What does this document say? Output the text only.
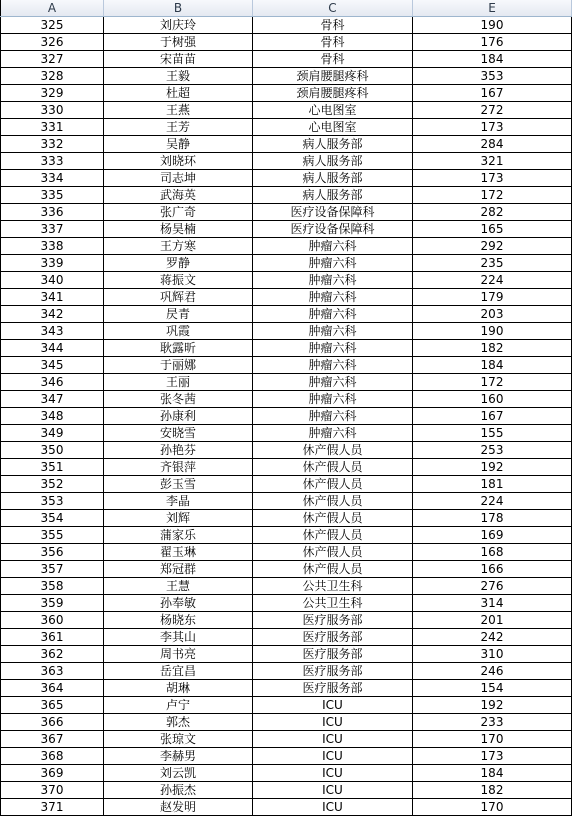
A	B	C	E
325	刘庆玲	骨科	190
326	于树强	骨科	176
327	宋苗苗	骨科	184
328	王毅	颈肩腰腿疼科	353
329	杜超	颈肩腰腿疼科	167
330	王燕	心电图室	272
331	王芳	心电图室	173
332	吴静	病人服务部	284
333	刘晓环	病人服务部	321
334	司志坤	病人服务部	173
335	武海英	病人服务部	172
336	张广奇	医疗设备保障科	282
337	杨昊楠	医疗设备保障科	165
338	王方寒	肿瘤六科	292
339	罗静	肿瘤六科	235
340	蒋振文	肿瘤六科	224
341	巩辉君	肿瘤六科	179
342	昃青	肿瘤六科	203
343	巩霞	肿瘤六科	190
344	耿露昕	肿瘤六科	182
345	于丽娜	肿瘤六科	184
346	王丽	肿瘤六科	172
347	张冬茜	肿瘤六科	160
348	孙康利	肿瘤六科	167
349	安晓雪	肿瘤六科	155
350	孙艳芬	休产假人员	253
351	齐银萍	休产假人员	192
352	彭玉雪	休产假人员	181
353	李晶	休产假人员	224
354	刘辉	休产假人员	178
355	蒲家乐	休产假人员	169
356	翟玉琳	休产假人员	168
357	郑冠群	休产假人员	166
358	王慧	公共卫生科	276
359	孙奉敏	公共卫生科	314
360	杨晓东	医疗服务部	201
361	李其山	医疗服务部	242
362	周书亮	医疗服务部	310
363	岳宜昌	医疗服务部	246
364	胡琳	医疗服务部	154
365	卢宁	ICU	192
366	郭杰	ICU	233
367	张琼文	ICU	170
368	李赫男	ICU	173
369	刘云凯	ICU	184
370	孙振杰	ICU	182
371	赵发明	ICU	170
